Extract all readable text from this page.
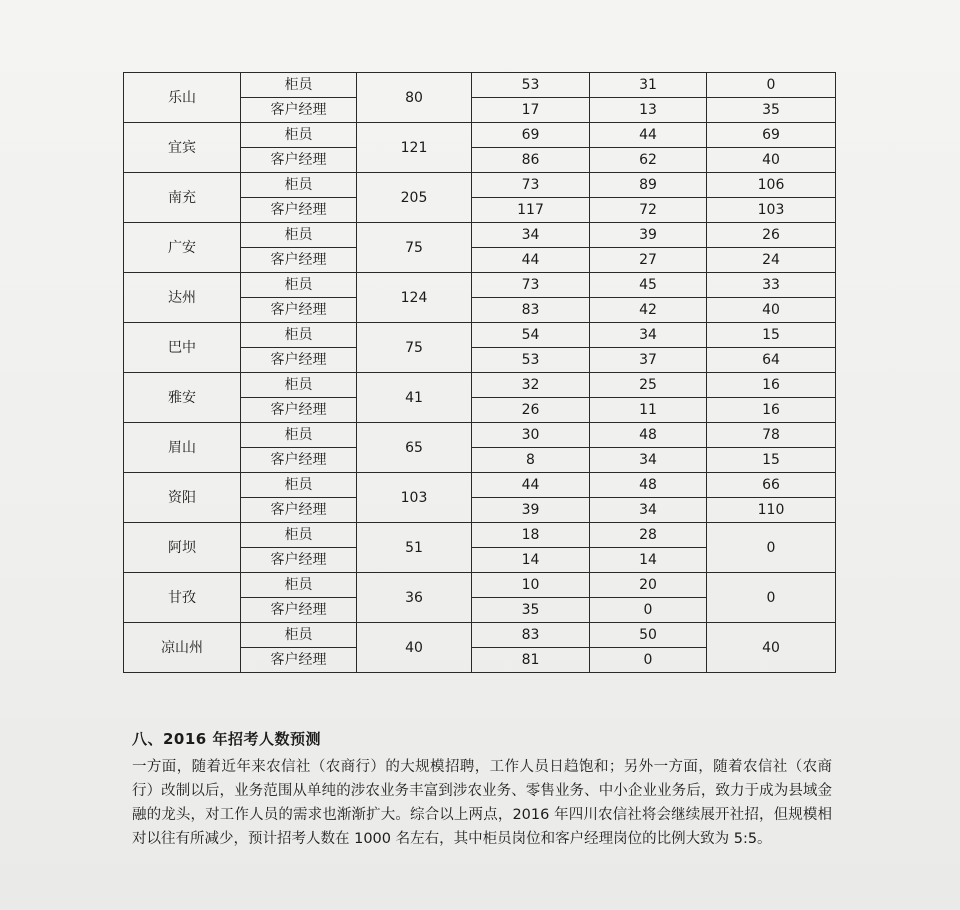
乐山	柜员	80	53	31	0
	客户经理		17	13	35
宜宾	柜员	121	69	44	69
	客户经理		86	62	40
南充	柜员	205	73	89	106
	客户经理		117	72	103
广安	柜员	75	34	39	26
	客户经理		44	27	24
达州	柜员	124	73	45	33
	客户经理		83	42	40
巴中	柜员	75	54	34	15
	客户经理		53	37	64
雅安	柜员	41	32	25	16
	客户经理		26	11	16
眉山	柜员	65	30	48	78
	客户经理		8	34	15
资阳	柜员	103	44	48	66
	客户经理		39	34	110
阿坝	柜员	51	18	28	0
	客户经理		14	14	
甘孜	柜员	36	10	20	0
	客户经理		35	0	
凉山州	柜员	40	83	50	40
	客户经理		81	0	
八、2016 年招考人数预测

一方面，随着近年来农信社（农商行）的大规模招聘，工作人员日趋饱和；另外一方面，随着农信社（农商行）改制以后，业务范围从单纯的涉农业务丰富到涉农业务、零售业务、中小企业业务后，致力于成为县域金融的龙头，对工作人员的需求也渐渐扩大。综合以上两点，2016 年四川农信社将会继续展开社招，但规模相对以往有所减少，预计招考人数在 1000 名左右，其中柜员岗位和客户经理岗位的比例大致为 5:5。
